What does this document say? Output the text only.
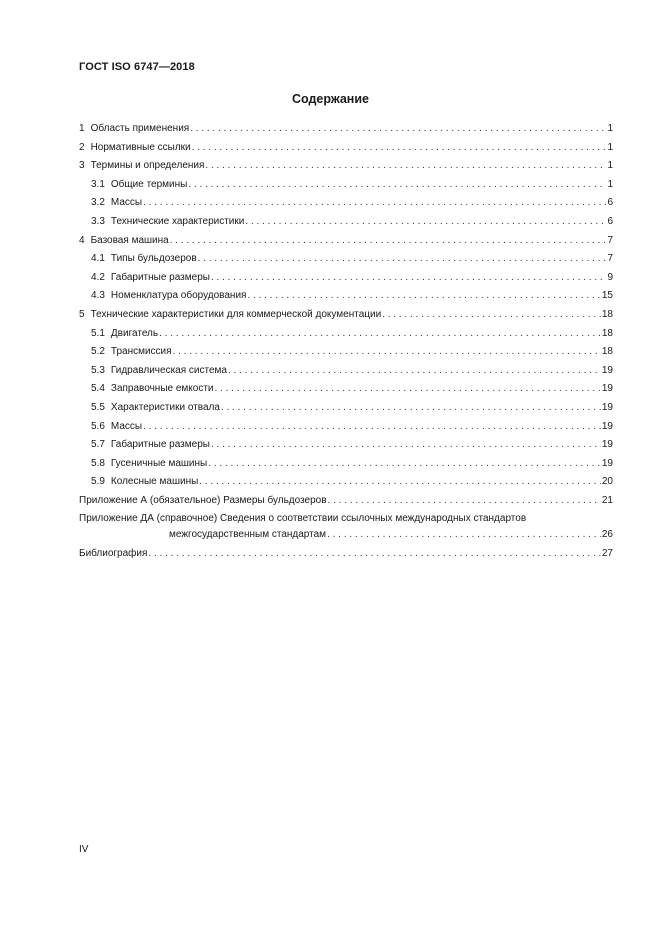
ГОСТ ISO 6747—2018
Содержание
1 Область применения . . .	1
2 Нормативные ссылки . . .	1
3 Термины и определения . . .	1
3.1 Общие термины . . .	1
3.2 Массы . . .	6
3.3 Технические характеристики . . .	6
4 Базовая машина . . .	7
4.1 Типы бульдозеров . . .	7
4.2 Габаритные размеры . . .	9
4.3 Номенклатура оборудования . . .	15
5 Технические характеристики для коммерческой документации . . .	18
5.1 Двигатель . . .	18
5.2 Трансмиссия . . .	18
5.3 Гидравлическая система . . .	19
5.4 Заправочные емкости . . .	19
5.5 Характеристики отвала . . .	19
5.6 Массы . . .	19
5.7 Габаритные размеры . . .	19
5.8 Гусеничные машины . . .	19
5.9 Колесные машины . . .	20
Приложение А (обязательное) Размеры бульдозеров . . .	21
Приложение ДА (справочное) Сведения о соответствии ссылочных международных стандартов
межгосударственным стандартам . . .	26
Библиография . . .	27
IV
